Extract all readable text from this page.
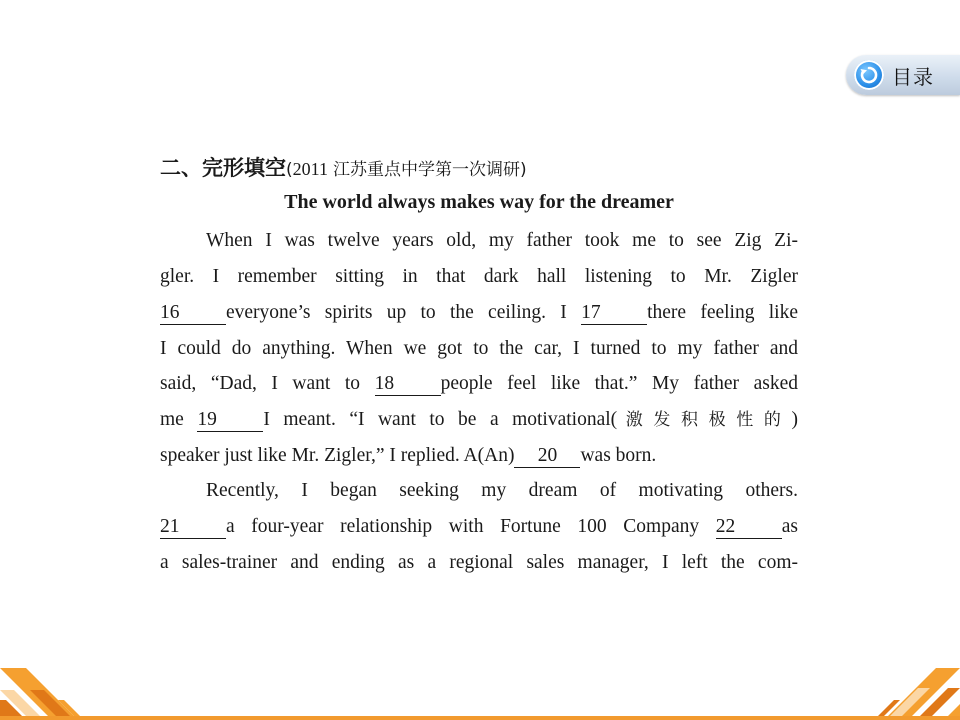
目录
二、完形填空(2011 江苏重点中学第一次调研)
The world always makes way for the dreamer
When I was twelve years old, my father took me to see Zig Zi-
gler. I remember sitting in that dark hall listening to Mr. Zigler
16 everyone’s spirits up to the ceiling. I 17 there feeling like
I could do anything. When we got to the car, I turned to my father and
said, “Dad, I want to 18 people feel like that.” My father asked
me 19 I meant. “I want to be a motivational(激发积极性的)
speaker just like Mr. Zigler,” I replied. A(An) 20 was born.
Recently, I began seeking my dream of motivating others.
21 a four-year relationship with Fortune 100 Company 22 as
a sales-trainer and ending as a regional sales manager, I left the com-
